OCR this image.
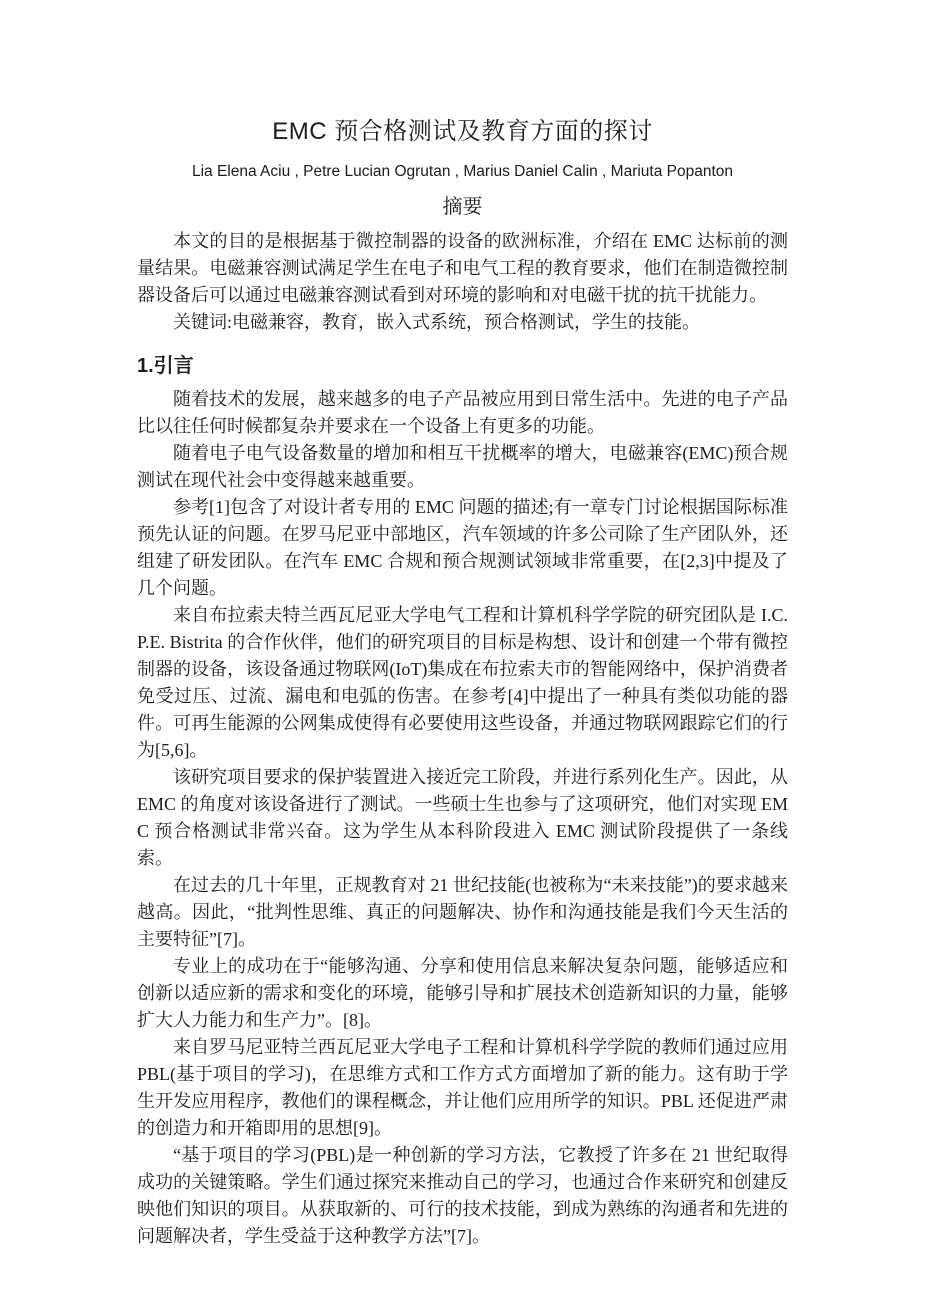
EMC 预合格测试及教育方面的探讨
Lia Elena Aciu , Petre Lucian Ogrutan , Marius Daniel Calin , Mariuta Popanton
摘要

本文的目的是根据基于微控制器的设备的欧洲标准，介绍在 EMC 达标前的测量结果。电磁兼容测试满足学生在电子和电气工程的教育要求，他们在制造微控制器设备后可以通过电磁兼容测试看到对环境的影响和对电磁干扰的抗干扰能力。

关键词:电磁兼容，教育，嵌入式系统，预合格测试，学生的技能。

1.引言

随着技术的发展，越来越多的电子产品被应用到日常生活中。先进的电子产品比以往任何时候都复杂并要求在一个设备上有更多的功能。

随着电子电气设备数量的增加和相互干扰概率的增大，电磁兼容(EMC)预合规测试在现代社会中变得越来越重要。

参考[1]包含了对设计者专用的 EMC 问题的描述;有一章专门讨论根据国际标准预先认证的问题。在罗马尼亚中部地区，汽车领域的许多公司除了生产团队外，还组建了研发团队。在汽车 EMC 合规和预合规测试领域非常重要，在[2,3]中提及了几个问题。

来自布拉索夫特兰西瓦尼亚大学电气工程和计算机科学学院的研究团队是 I.C.P.E. Bistrita 的合作伙伴，他们的研究项目的目标是构想、设计和创建一个带有微控制器的设备，该设备通过物联网(IoT)集成在布拉索夫市的智能网络中，保护消费者免受过压、过流、漏电和电弧的伤害。在参考[4]中提出了一种具有类似功能的器件。可再生能源的公网集成使得有必要使用这些设备，并通过物联网跟踪它们的行为[5,6]。

该研究项目要求的保护装置进入接近完工阶段，并进行系列化生产。因此，从 EMC 的角度对该设备进行了测试。一些硕士生也参与了这项研究，他们对实现 EMC 预合格测试非常兴奋。这为学生从本科阶段进入 EMC 测试阶段提供了一条线索。

在过去的几十年里，正规教育对 21 世纪技能(也被称为“未来技能”)的要求越来越高。因此，“批判性思维、真正的问题解决、协作和沟通技能是我们今天生活的主要特征”[7]。

专业上的成功在于“能够沟通、分享和使用信息来解决复杂问题，能够适应和创新以适应新的需求和变化的环境，能够引导和扩展技术创造新知识的力量，能够扩大人力能力和生产力”。[8]。

来自罗马尼亚特兰西瓦尼亚大学电子工程和计算机科学学院的教师们通过应用 PBL(基于项目的学习)，在思维方式和工作方式方面增加了新的能力。这有助于学生开发应用程序，教他们的课程概念，并让他们应用所学的知识。PBL 还促进严肃的创造力和开箱即用的思想[9]。

“基于项目的学习(PBL)是一种创新的学习方法，它教授了许多在 21 世纪取得成功的关键策略。学生们通过探究来推动自己的学习，也通过合作来研究和创建反映他们知识的项目。从获取新的、可行的技术技能，到成为熟练的沟通者和先进的问题解决者，学生受益于这种教学方法”[7]。
